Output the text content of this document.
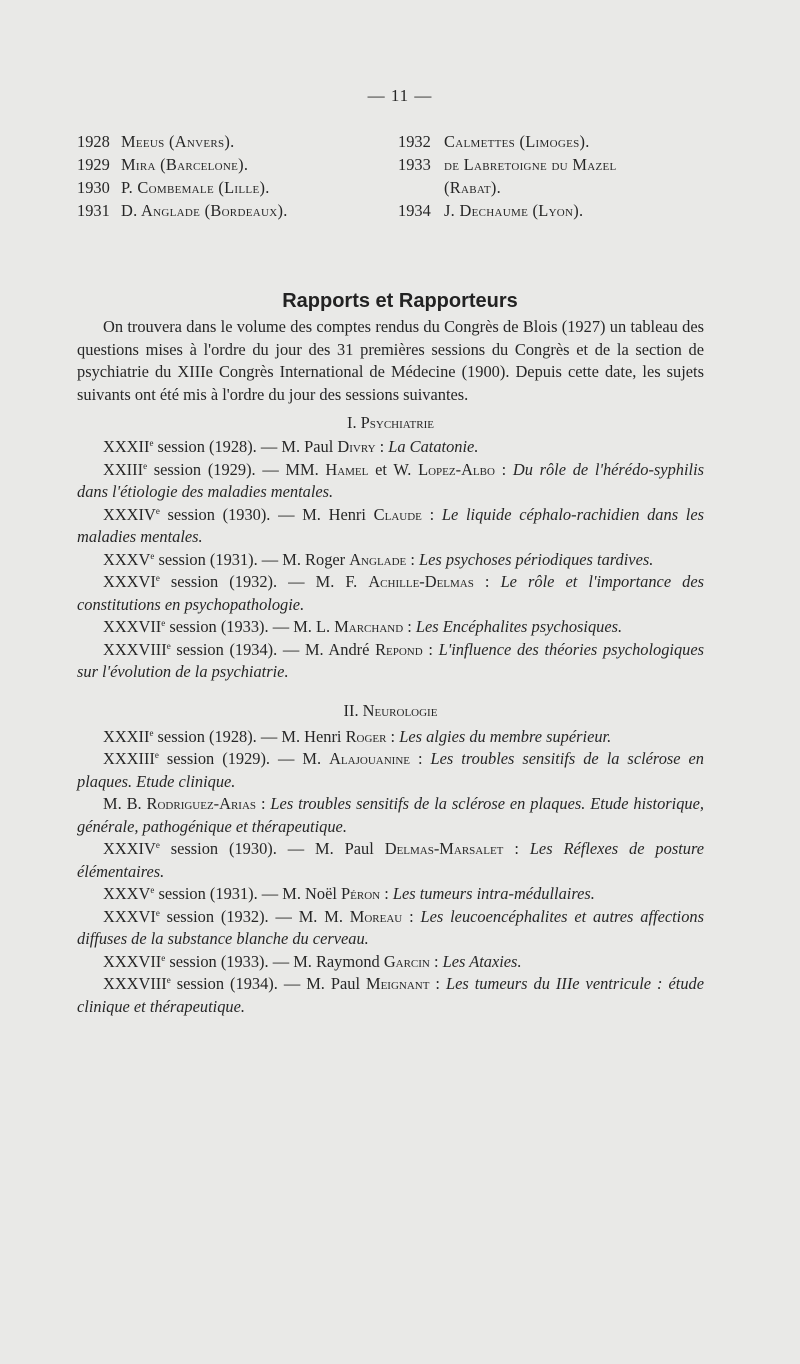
— 11 —
1928 Meeus (Anvers).
1929 Mira (Barcelone).
1930 P. Combemale (Lille).
1931 D. Anglade (Bordeaux).
1932 Calmettes (Limoges).
1933 de Labretoigne du Mazel
(Rabat).
1934 J. Dechaume (Lyon).
Rapports et Rapporteurs

On trouvera dans le volume des comptes rendus du Congrès de Blois (1927) un tableau des questions mises à l'ordre du jour des 31 premières sessions du Congrès et de la section de psychiatrie du XIIIe Congrès International de Médecine (1900). Depuis cette date, les sujets suivants ont été mis à l'ordre du jour des sessions suivantes.

I. Psychiatrie

XXXIIe session (1928). — M. Paul Divry : La Catatonie.

XXIIIe session (1929). — MM. Hamel et W. Lopez-Albo : Du rôle de l'hérédo-syphilis dans l'étiologie des maladies mentales.

XXXIVe session (1930). — M. Henri Claude : Le liquide céphalo-rachidien dans les maladies mentales.

XXXVe session (1931). — M. Roger Anglade : Les psychoses périodiques tardives.

XXXVIe session (1932). — M. F. Achille-Delmas : Le rôle et l'importance des constitutions en psychopathologie.

XXXVIIe session (1933). — M. L. Marchand : Les Encéphalites psychosiques.

XXXVIIIe session (1934). — M. André Repond : L'influence des théories psychologiques sur l'évolution de la psychiatrie.

II. Neurologie

XXXIIe session (1928). — M. Henri Roger : Les algies du membre supérieur.

XXXIIIe session (1929). — M. Alajouanine : Les troubles sensitifs de la sclérose en plaques. Etude clinique.

M. B. Rodriguez-Arias : Les troubles sensitifs de la sclérose en plaques. Etude historique, générale, pathogénique et thérapeutique.

XXXIVe session (1930). — M. Paul Delmas-Marsalet : Les Réflexes de posture élémentaires.

XXXVe session (1931). — M. Noël Péron : Les tumeurs intra-médullaires.

XXXVIe session (1932). — M. M. Moreau : Les leucoencéphalites et autres affections diffuses de la substance blanche du cerveau.

XXXVIIe session (1933). — M. Raymond Garcin : Les Ataxies.

XXXVIIIe session (1934). — M. Paul Meignant : Les tumeurs du IIIe ventricule : étude clinique et thérapeutique.
